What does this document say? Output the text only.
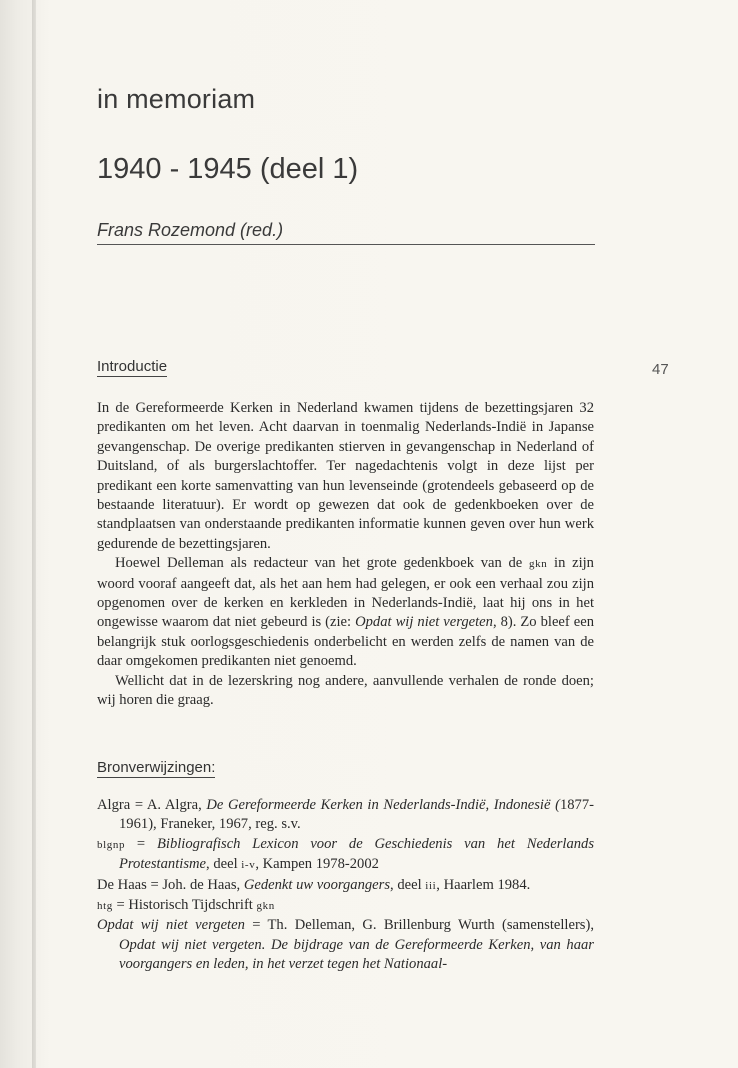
in memoriam
1940 - 1945 (deel 1)
Frans Rozemond (red.)
47
Introductie

In de Gereformeerde Kerken in Nederland kwamen tijdens de bezettingsjaren 32 predikanten om het leven. Acht daarvan in toenmalig Nederlands-Indië in Japanse gevangenschap. De overige predikanten stierven in gevangenschap in Nederland of Duitsland, of als burgerslachtoffer. Ter nagedachtenis volgt in deze lijst per predikant een korte samenvatting van hun levenseinde (grotendeels gebaseerd op de bestaande literatuur). Er wordt op gewezen dat ook de gedenkboeken over de standplaatsen van onderstaande predikanten informatie kunnen geven over hun werk gedurende de bezettingsjaren.

Hoewel Delleman als redacteur van het grote gedenkboek van de gkn in zijn woord vooraf aangeeft dat, als het aan hem had gelegen, er ook een verhaal zou zijn opgenomen over de kerken en kerkleden in Nederlands-Indië, laat hij ons in het ongewisse waarom dat niet gebeurd is (zie: Opdat wij niet vergeten, 8). Zo bleef een belangrijk stuk oorlogsgeschiedenis onderbelicht en werden zelfs de namen van de daar omgekomen predikanten niet genoemd.

Wellicht dat in de lezerskring nog andere, aanvullende verhalen de ronde doen; wij horen die graag.

Bronverwijzingen:

Algra = A. Algra, De Gereformeerde Kerken in Nederlands-Indië, Indonesië (1877-1961), Franeker, 1967, reg. s.v.

blgnp = Bibliografisch Lexicon voor de Geschiedenis van het Nederlands Protestantisme, deel i-v, Kampen 1978-2002

De Haas = Joh. de Haas, Gedenkt uw voorgangers, deel iii, Haarlem 1984.

htg = Historisch Tijdschrift gkn

Opdat wij niet vergeten = Th. Delleman, G. Brillenburg Wurth (samenstellers), Opdat wij niet vergeten. De bijdrage van de Gereformeerde Kerken, van haar voorgangers en leden, in het verzet tegen het Nationaal-
